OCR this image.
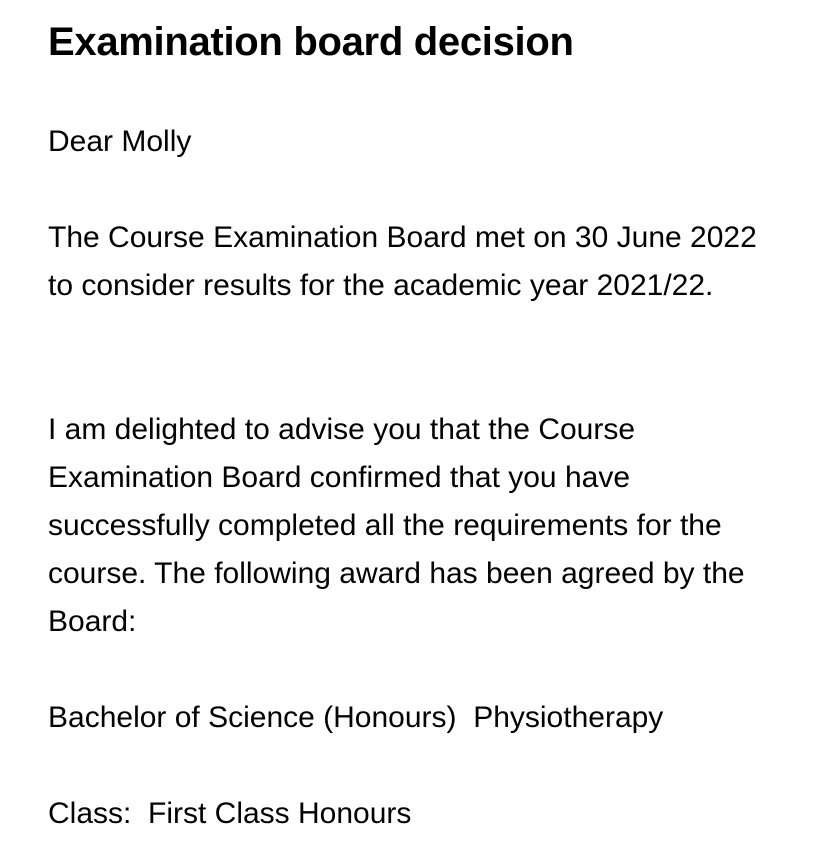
Examination board decision

Dear Molly

The Course Examination Board met on 30 June 2022 to consider results for the academic year 2021/22.

I am delighted to advise you that the Course Examination Board confirmed that you have successfully completed all the requirements for the course. The following award has been agreed by the Board:

Bachelor of Science (Honours)  Physiotherapy

Class:  First Class Honours
